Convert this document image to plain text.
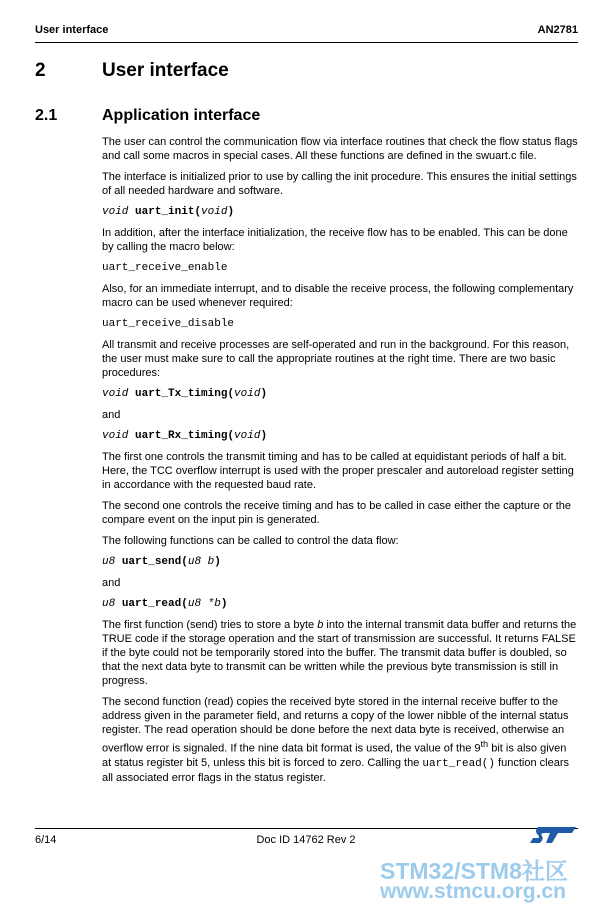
User interface	AN2781
2	User interface
2.1	Application interface

The user can control the communication flow via interface routines that check the flow status flags and call some macros in special cases. All these functions are defined in the swuart.c file.

The interface is initialized prior to use by calling the init procedure. This ensures the initial settings of all needed hardware and software.

void uart_init(void)

In addition, after the interface initialization, the receive flow has to be enabled. This can be done by calling the macro below:

uart_receive_enable

Also, for an immediate interrupt, and to disable the receive process, the following complementary macro can be used whenever required:

uart_receive_disable

All transmit and receive processes are self-operated and run in the background. For this reason, the user must make sure to call the appropriate routines at the right time. There are two basic procedures:

void uart_Tx_timing(void)

and

void uart_Rx_timing(void)

The first one controls the transmit timing and has to be called at equidistant periods of half a bit. Here, the TCC overflow interrupt is used with the proper prescaler and autoreload register setting in accordance with the requested baud rate.

The second one controls the receive timing and has to be called in case either the capture or the compare event on the input pin is generated.

The following functions can be called to control the data flow:

u8 uart_send(u8 b)

and

u8 uart_read(u8 *b)

The first function (send) tries to store a byte b into the internal transmit data buffer and returns the TRUE code if the storage operation and the start of transmission are successful. It returns FALSE if the byte could not be temporarily stored into the buffer. The transmit data buffer is doubled, so that the next data byte to transmit can be written while the previous byte transmission is still in progress.

The second function (read) copies the received byte stored in the internal receive buffer to the address given in the parameter field, and returns a copy of the lower nibble of the internal status register. The read operation should be done before the next data byte is received, otherwise an overflow error is signaled. If the nine data bit format is used, the value of the 9th bit is also given at status register bit 5, unless this bit is forced to zero. Calling the uart_read() function clears all associated error flags in the status register.

6/14	Doc ID 14762 Rev 2
STM32/STM8社区
www.stmcu.org.cn
